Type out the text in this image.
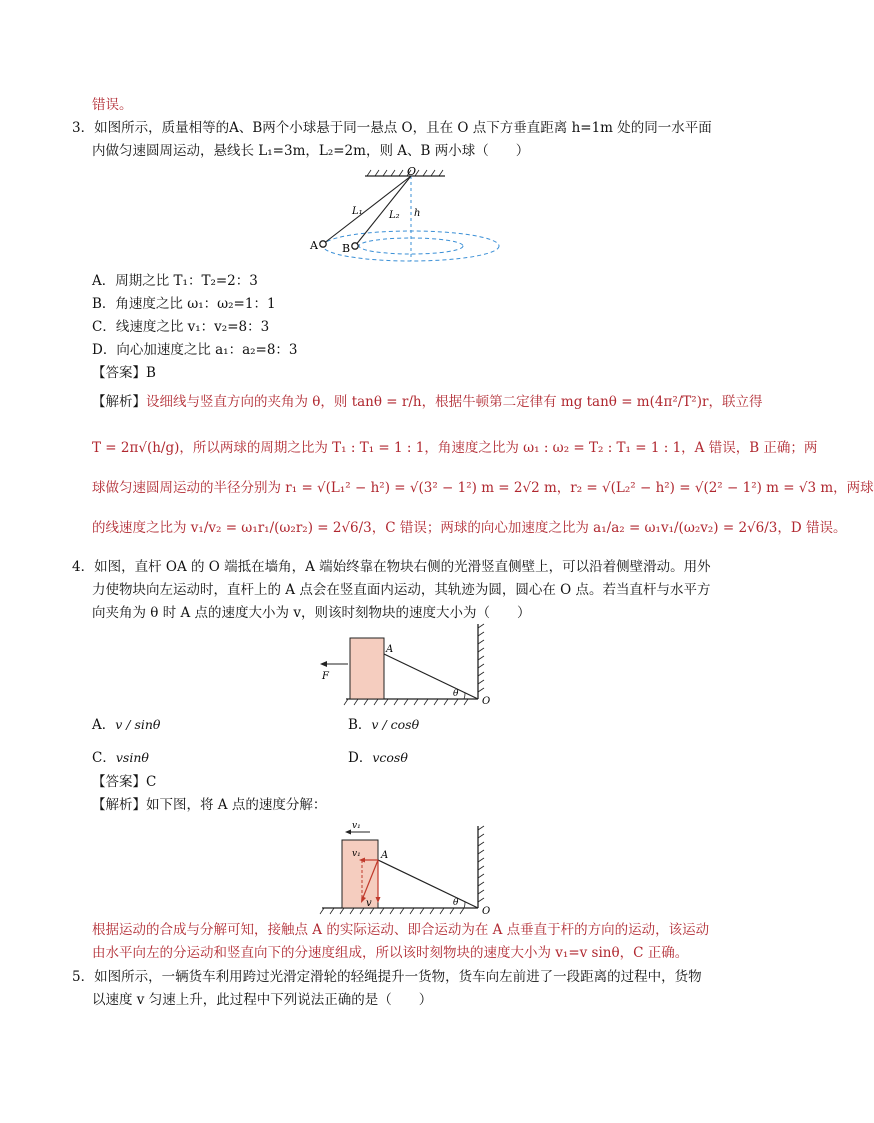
错误。
3．如图所示，质量相等的A、B两个小球悬于同一悬点 O，且在 O 点下方垂直距离 h=1m 处的同一水平面
内做匀速圆周运动，悬线长 L₁=3m，L₂=2m，则 A、B 两小球（　　）
O
L₁	L₂ h
A B
A．周期之比 T₁：T₂=2：3
B．角速度之比 ω₁：ω₂=1：1
C．线速度之比 v₁：v₂=8：3
D．向心加速度之比 a₁：a₂=8：3
【答案】B
【解析】设细线与竖直方向的夹角为 θ，则 tanθ = r/h，根据牛顿第二定律有 mg tanθ = m(4π²/T²)r，联立得
T = 2π√(h/g)，所以两球的周期之比为 T₁ : T₁ = 1 : 1，角速度之比为 ω₁ : ω₂ = T₂ : T₁ = 1 : 1，A 错误，B 正确；两
球做匀速圆周运动的半径分别为 r₁ = √(L₁² − h²) = √(3² − 1²) m = 2√2 m，r₂ = √(L₂² − h²) = √(2² − 1²) m = √3 m，两球
的线速度之比为 v₁/v₂ = ω₁r₁/(ω₂r₂) = 2√6/3，C 错误；两球的向心加速度之比为 a₁/a₂ = ω₁v₁/(ω₂v₂) = 2√6/3，D 错误。
4．如图，直杆 OA 的 O 端抵在墙角，A 端始终靠在物块右侧的光滑竖直侧壁上，可以沿着侧壁滑动。用外
力使物块向左运动时，直杆上的 A 点会在竖直面内运动，其轨迹为圆，圆心在 O 点。若当直杆与水平方
向夹角为 θ 时 A 点的速度大小为 v，则该时刻物块的速度大小为（　　）
A
F
θ
O
A．v / sinθ	B．v / cosθ
C．vsinθ	D．vcosθ
【答案】C
【解析】如下图，将 A 点的速度分解：
v₁
v₁ A
v	θ
O
根据运动的合成与分解可知，接触点 A 的实际运动、即合运动为在 A 点垂直于杆的方向的运动，该运动
由水平向左的分运动和竖直向下的分速度组成，所以该时刻物块的速度大小为 v₁=v sinθ，C 正确。
5．如图所示，一辆货车利用跨过光滑定滑轮的轻绳提升一货物，货车向左前进了一段距离的过程中，货物
以速度 v 匀速上升，此过程中下列说法正确的是（　　）
